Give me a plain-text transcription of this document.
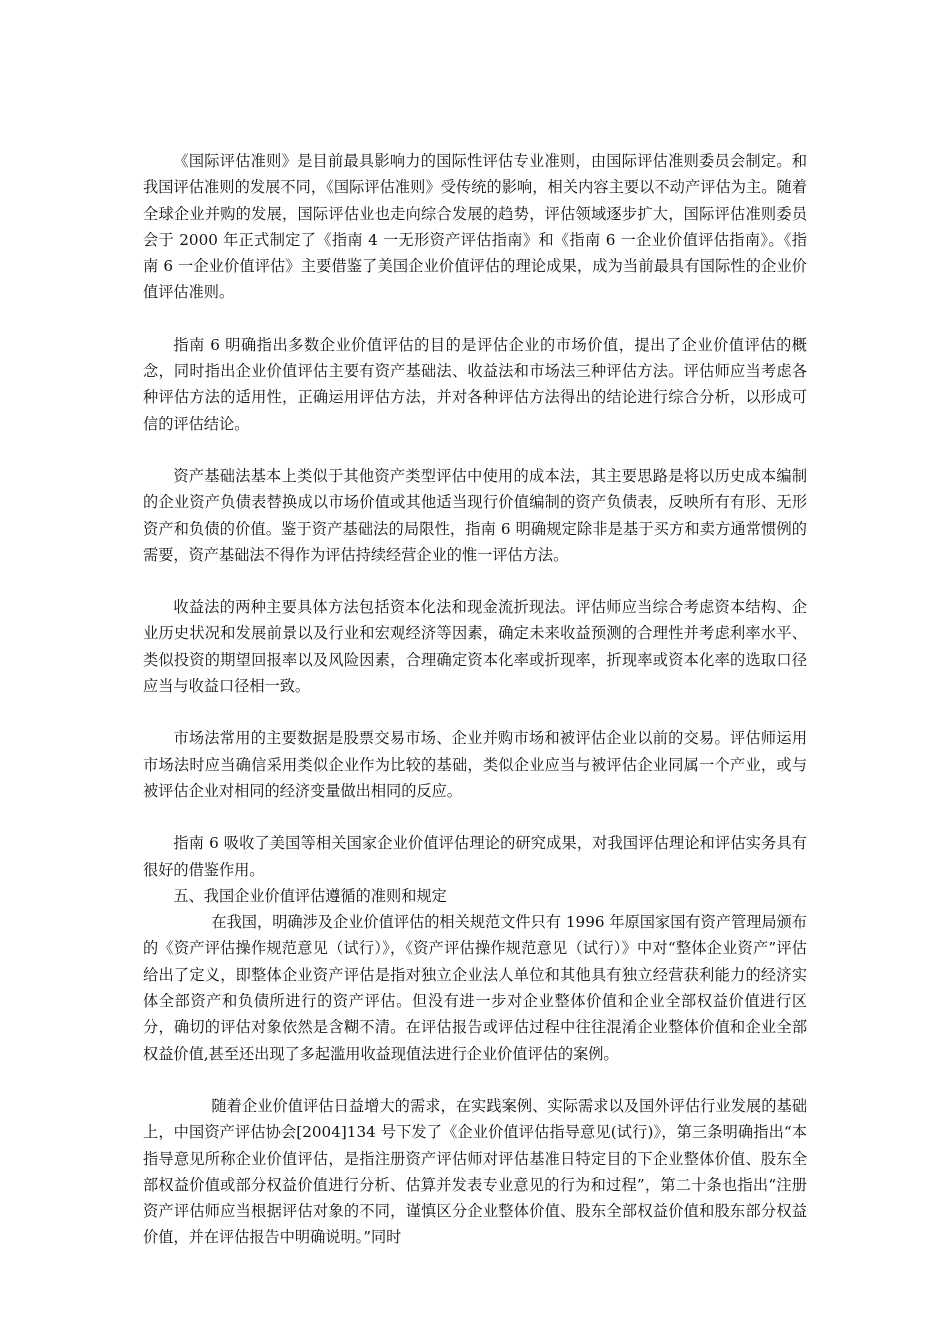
《国际评估准则》是目前最具影响力的国际性评估专业准则，由国际评估准则委员会制定。和我国评估准则的发展不同，《国际评估准则》受传统的影响，相关内容主要以不动产评估为主。随着全球企业并购的发展，国际评估业也走向综合发展的趋势，评估领域逐步扩大，国际评估准则委员会于 2000 年正式制定了《指南 4 一无形资产评估指南》和《指南 6 一企业价值评估指南》。《指南 6 一企业价值评估》主要借鉴了美国企业价值评估的理论成果，成为当前最具有国际性的企业价值评估准则。

指南 6 明确指出多数企业价值评估的目的是评估企业的市场价值，提出了企业价值评估的概念，同时指出企业价值评估主要有资产基础法、收益法和市场法三种评估方法。评估师应当考虑各种评估方法的适用性，正确运用评估方法，并对各种评估方法得出的结论进行综合分析，以形成可信的评估结论。

资产基础法基本上类似于其他资产类型评估中使用的成本法，其主要思路是将以历史成本编制的企业资产负债表替换成以市场价值或其他适当现行价值编制的资产负债表，反映所有有形、无形资产和负债的价值。鉴于资产基础法的局限性，指南 6 明确规定除非是基于买方和卖方通常惯例的需要，资产基础法不得作为评估持续经营企业的惟一评估方法。

收益法的两种主要具体方法包括资本化法和现金流折现法。评估师应当综合考虑资本结构、企业历史状况和发展前景以及行业和宏观经济等因素，确定未来收益预测的合理性并考虑利率水平、类似投资的期望回报率以及风险因素，合理确定资本化率或折现率，折现率或资本化率的选取口径应当与收益口径相一致。

市场法常用的主要数据是股票交易市场、企业并购市场和被评估企业以前的交易。评估师运用市场法时应当确信采用类似企业作为比较的基础，类似企业应当与被评估企业同属一个产业，或与被评估企业对相同的经济变量做出相同的反应。

指南 6 吸收了美国等相关国家企业价值评估理论的研究成果，对我国评估理论和评估实务具有很好的借鉴作用。

五、我国企业价值评估遵循的准则和规定

在我国，明确涉及企业价值评估的相关规范文件只有 1996 年原国家国有资产管理局颁布的《资产评估操作规范意见（试行）》，《资产评估操作规范意见（试行）》中对“整体企业资产”评估给出了定义，即整体企业资产评估是指对独立企业法人单位和其他具有独立经营获利能力的经济实体全部资产和负债所进行的资产评估。但没有进一步对企业整体价值和企业全部权益价值进行区分，确切的评估对象依然是含糊不清。在评估报告或评估过程中往往混淆企业整体价值和企业全部权益价值,甚至还出现了多起滥用收益现值法进行企业价值评估的案例。

随着企业价值评估日益增大的需求，在实践案例、实际需求以及国外评估行业发展的基础上，中国资产评估协会[2004]134 号下发了《企业价值评估指导意见(试行)》，第三条明确指出“本指导意见所称企业价值评估，是指注册资产评估师对评估基准日特定目的下企业整体价值、股东全部权益价值或部分权益价值进行分析、估算并发表专业意见的行为和过程”，第二十条也指出“注册资产评估师应当根据评估对象的不同，谨慎区分企业整体价值、股东全部权益价值和股东部分权益价值，并在评估报告中明确说明。”同时
